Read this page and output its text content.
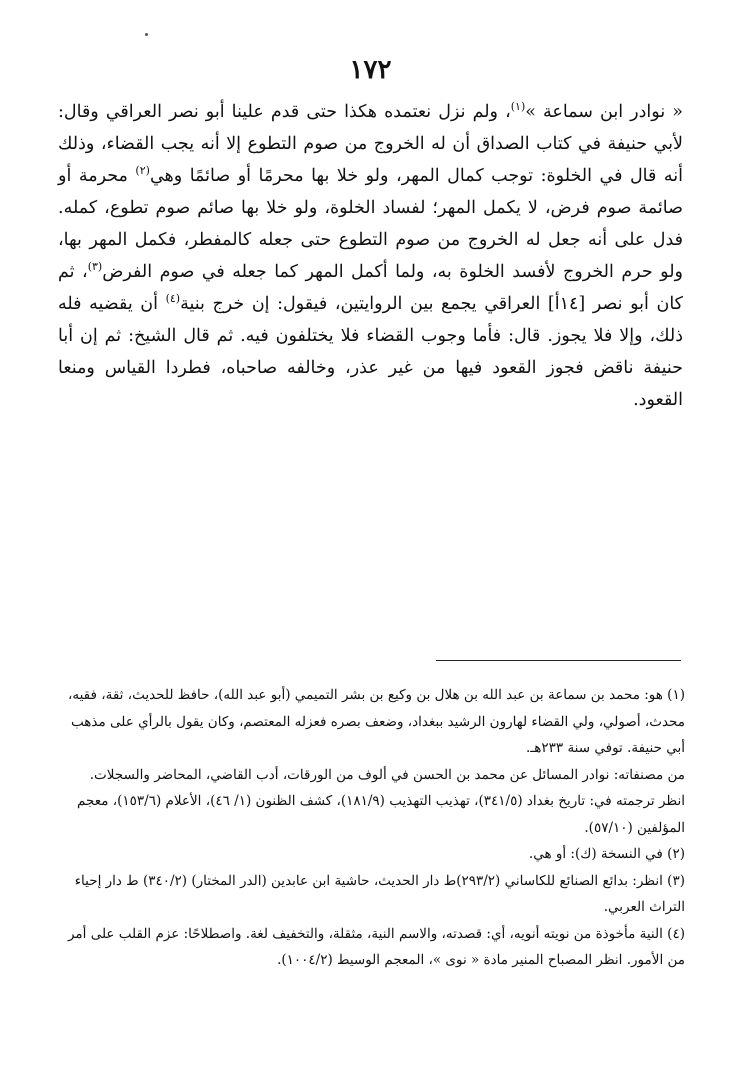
١٧٢

« نوادر ابن سماعة »$^{(١)}$، ولم نزل نعتمده هكذا حتى قدم علينا أبو نصر العراقي وقال: لأبي حنيفة في كتاب الصداق أن له الخروج من صوم التطوع إلا أنه يجب القضاء، وذلك أنه قال في الخلوة: توجب كمال المهر، ولو خلا بها محرمًا أو صائمًا وهي$^{(٢)}$ محرمة أو صائمة صوم فرض، لا يكمل المهر؛ لفساد الخلوة، ولو خلا بها صائم صوم تطوع، كمله. فدل على أنه جعل له الخروج من صوم التطوع حتى جعله كالمفطر، فكمل المهر بها، ولو حرم الخروج لأفسد الخلوة به، ولما أكمل المهر كما جعله في صوم الفرض$^{(٣)}$، ثم كان أبو نصر [١٤أ] العراقي يجمع بين الروايتين، فيقول: إن خرج بنية$^{(٤)}$ أن يقضيه فله ذلك، وإلا فلا يجوز. قال: فأما وجوب القضاء فلا يختلفون فيه. ثم قال الشيخ: ثم إن أبا حنيفة ناقض فجوز القعود فيها من غير عذر، وخالفه صاحباه، فطردا القياس ومنعا القعود.

(١) هو: محمد بن سماعة بن عبد الله بن هلال بن وكيع بن بشر التميمي (أبو عبد الله)، حافظ للحديث، ثقة، فقيه، محدث، أصولي، ولي القضاء لهارون الرشيد ببغداد، وضعف بصره فعزله المعتصم، وكان يقول بالرأي على مذهب أبي حنيفة. توفي سنة ٢٣٣هـ.

من مصنفاته: نوادر المسائل عن محمد بن الحسن في ألوف من الورقات، أدب القاضي، المحاضر والسجلات.

انظر ترجمته في: تاريخ بغداد (٣٤١/٥)، تهذيب التهذيب (١٨١/٩)، كشف الظنون (١/ ٤٦)، الأعلام (١٥٣/٦)، معجم المؤلفين (٥٧/١٠).

(٢) في النسخة (ك): أو هي.

(٣) انظر: بدائع الصنائع للكاساني (٢٩٣/٢)ط دار الحديث، حاشية ابن عابدين (الدر المختار) (٣٤٠/٢) ط دار إحياء التراث العربي.

(٤) النية مأخوذة من نويته أنويه، أي: قصدته، والاسم النية، مثقلة، والتخفيف لغة. واصطلاحًا: عزم القلب على أمر من الأمور. انظر المصباح المنير مادة « نوى »، المعجم الوسيط (١٠٠٤/٢).
